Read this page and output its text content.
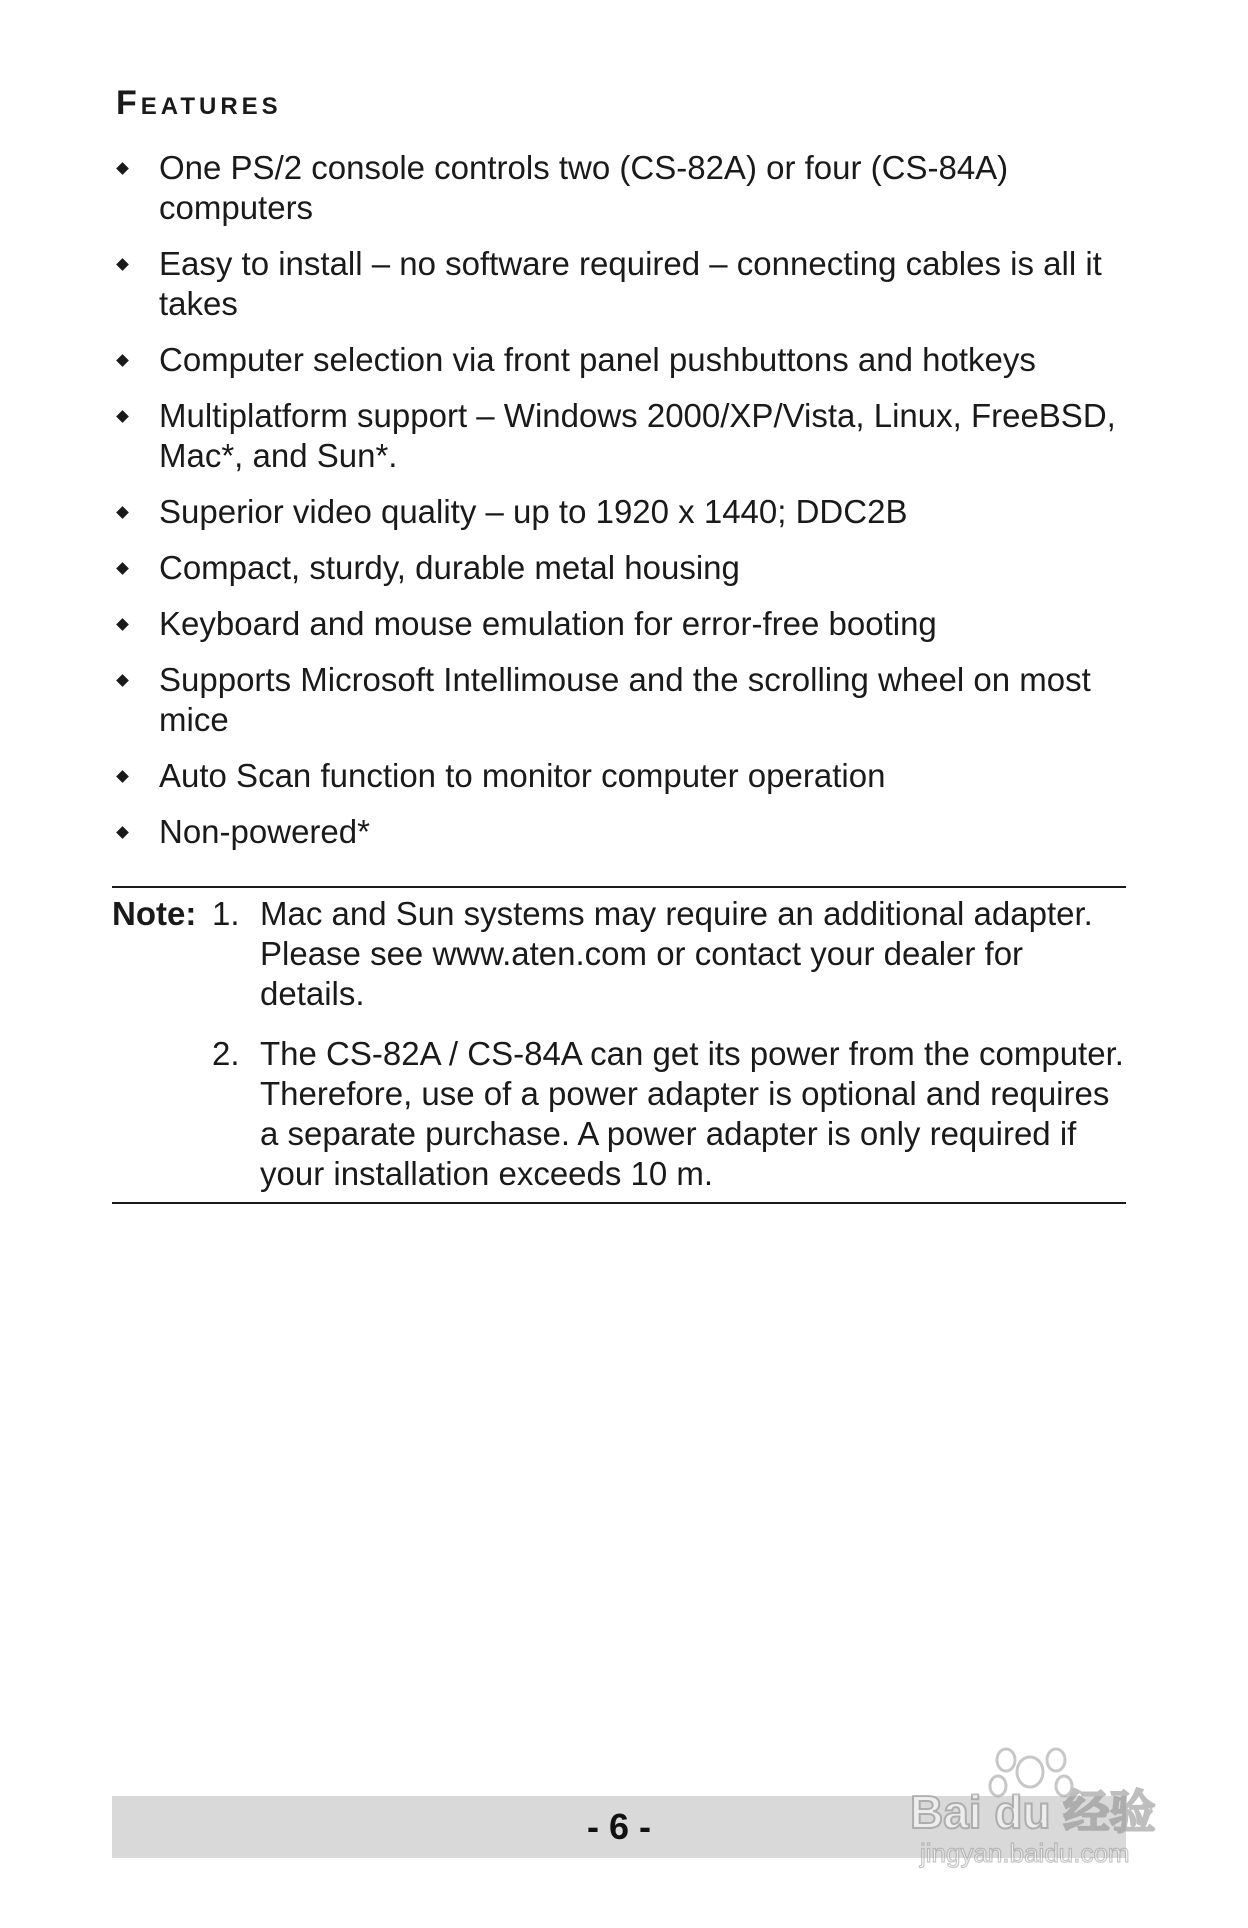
Features
One PS/2 console controls two (CS-82A) or four (CS-84A) computers
Easy to install – no software required – connecting cables is all it takes
Computer selection via front panel pushbuttons and hotkeys
Multiplatform support – Windows 2000/XP/Vista, Linux, FreeBSD, Mac*, and Sun*.
Superior video quality – up to 1920 x 1440; DDC2B
Compact, sturdy, durable metal housing
Keyboard and mouse emulation for error-free booting
Supports Microsoft Intellimouse and the scrolling wheel on most mice
Auto Scan function to monitor computer operation
Non-powered*
Note: 1. Mac and Sun systems may require an additional adapter. Please see www.aten.com or contact your dealer for details.
2. The CS-82A / CS-84A can get its power from the computer. Therefore, use of a power adapter is optional and requires a separate purchase. A power adapter is only required if your installation exceeds 10 m.
- 6 -	Bai du 经验
jingyan.baidu.com
